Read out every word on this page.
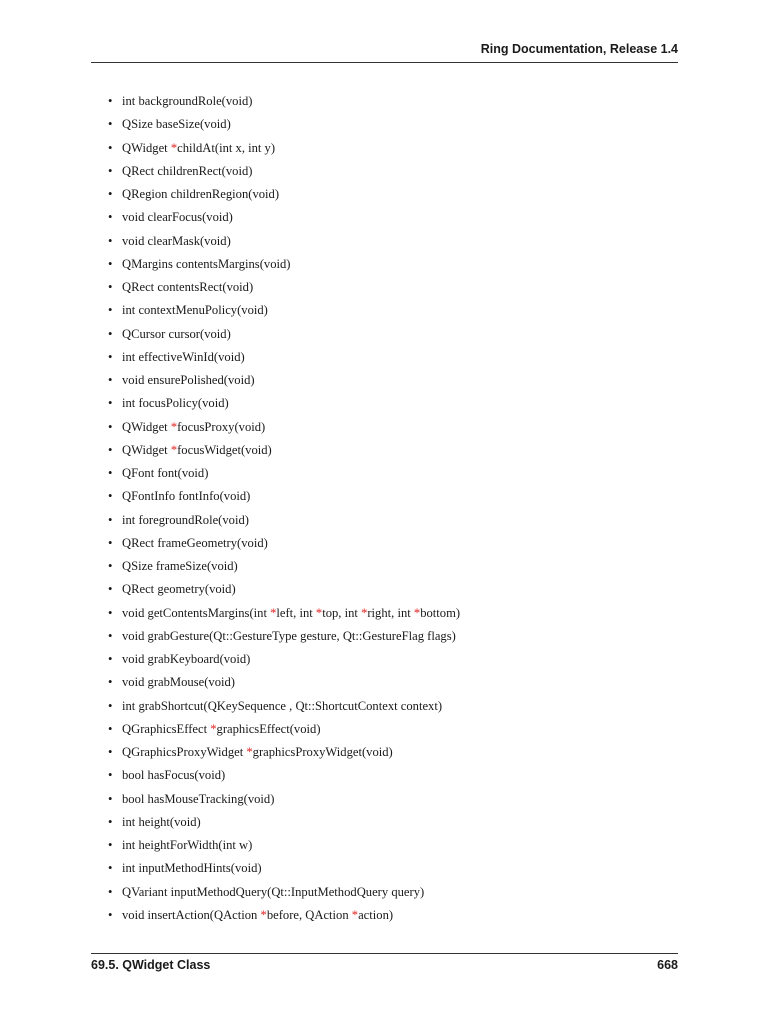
Ring Documentation, Release 1.4
• int backgroundRole(void)
• QSize baseSize(void)
• QWidget *childAt(int x, int y)
• QRect childrenRect(void)
• QRegion childrenRegion(void)
• void clearFocus(void)
• void clearMask(void)
• QMargins contentsMargins(void)
• QRect contentsRect(void)
• int contextMenuPolicy(void)
• QCursor cursor(void)
• int effectiveWinId(void)
• void ensurePolished(void)
• int focusPolicy(void)
• QWidget *focusProxy(void)
• QWidget *focusWidget(void)
• QFont font(void)
• QFontInfo fontInfo(void)
• int foregroundRole(void)
• QRect frameGeometry(void)
• QSize frameSize(void)
• QRect geometry(void)
• void getContentsMargins(int *left, int *top, int *right, int *bottom)
• void grabGesture(Qt::GestureType gesture, Qt::GestureFlag flags)
• void grabKeyboard(void)
• void grabMouse(void)
• int grabShortcut(QKeySequence , Qt::ShortcutContext context)
• QGraphicsEffect *graphicsEffect(void)
• QGraphicsProxyWidget *graphicsProxyWidget(void)
• bool hasFocus(void)
• bool hasMouseTracking(void)
• int height(void)
• int heightForWidth(int w)
• int inputMethodHints(void)
• QVariant inputMethodQuery(Qt::InputMethodQuery query)
• void insertAction(QAction *before, QAction *action)
69.5. QWidget Class	668
